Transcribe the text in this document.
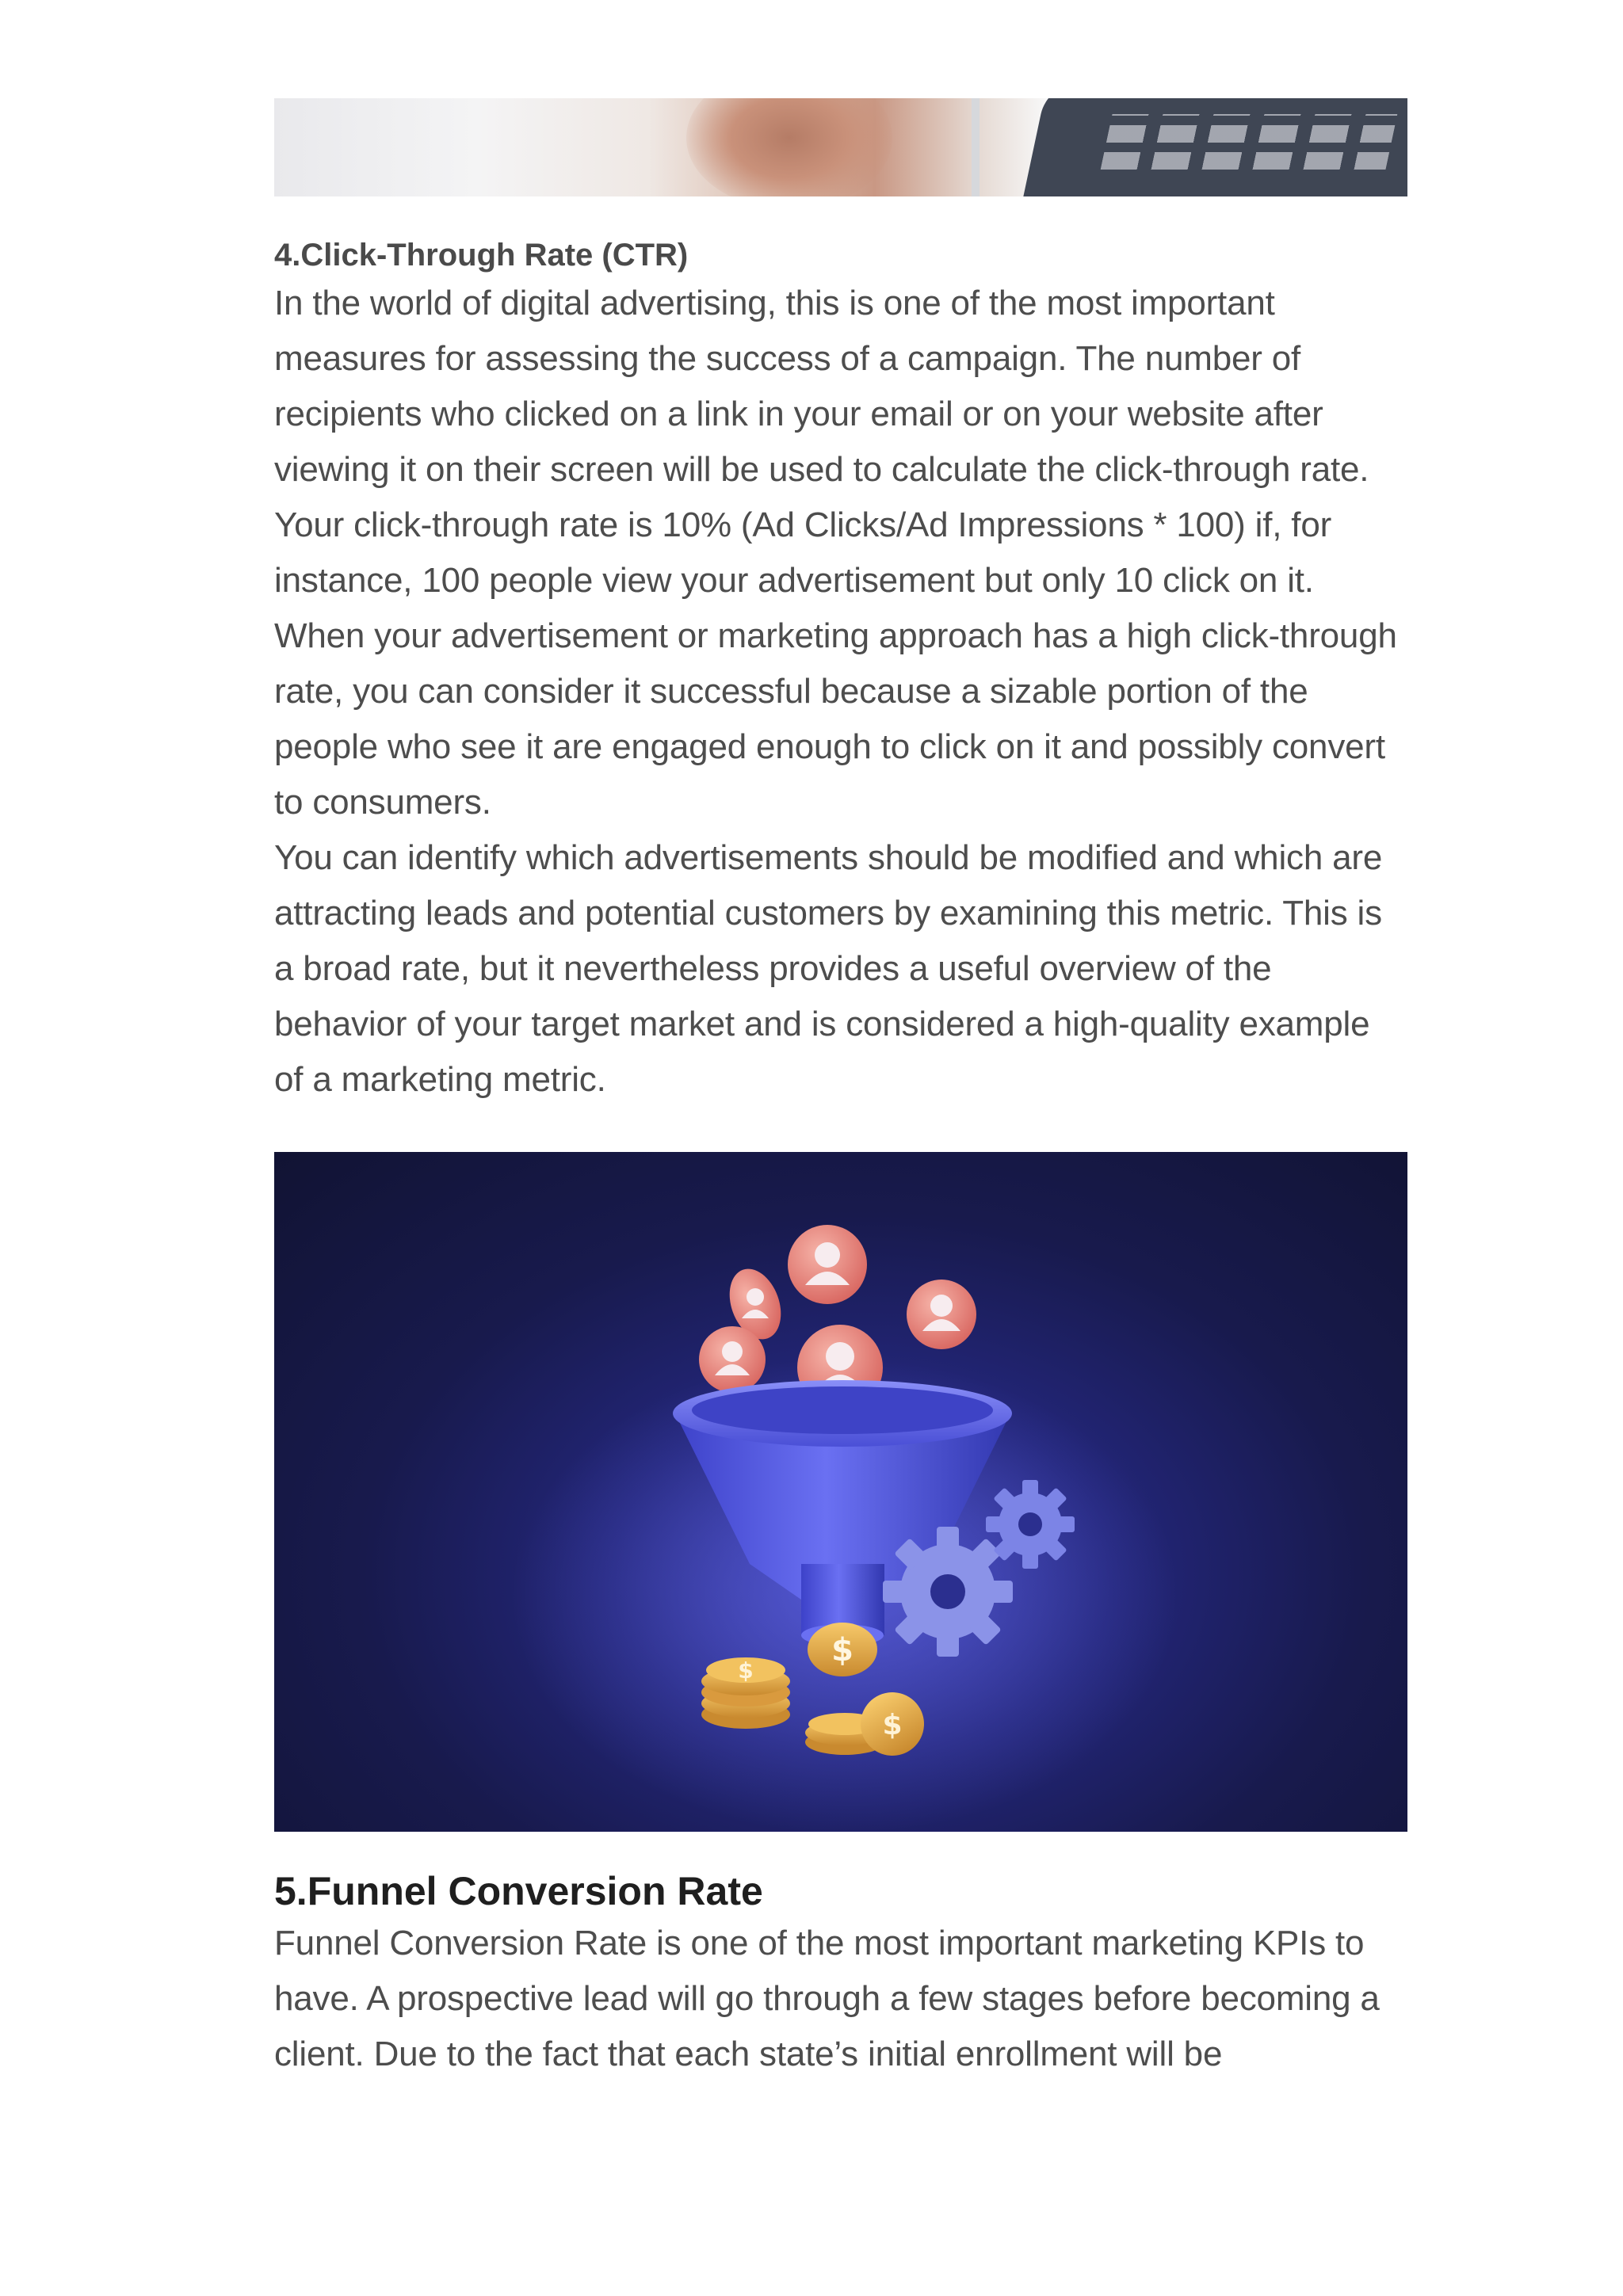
4.Click-Through Rate (CTR)

In the world of digital advertising, this is one of the most important measures for assessing the success of a campaign. The number of recipients who clicked on a link in your email or on your website after viewing it on their screen will be used to calculate the click-through rate. Your click-through rate is 10% (Ad Clicks/Ad Impressions * 100) if, for instance, 100 people view your advertisement but only 10 click on it.

When your advertisement or marketing approach has a high click-through rate, you can consider it successful because a sizable portion of the people who see it are engaged enough to click on it and possibly convert to consumers.

You can identify which advertisements should be modified and which are attracting leads and potential customers by examining this metric. This is a broad rate, but it nevertheless provides a useful overview of the behavior of your target market and is considered a high-quality example of a marketing metric.

$
$
$
5.Funnel Conversion Rate

Funnel Conversion Rate is one of the most important marketing KPIs to have. A prospective lead will go through a few stages before becoming a client. Due to the fact that each state’s initial enrollment will be
